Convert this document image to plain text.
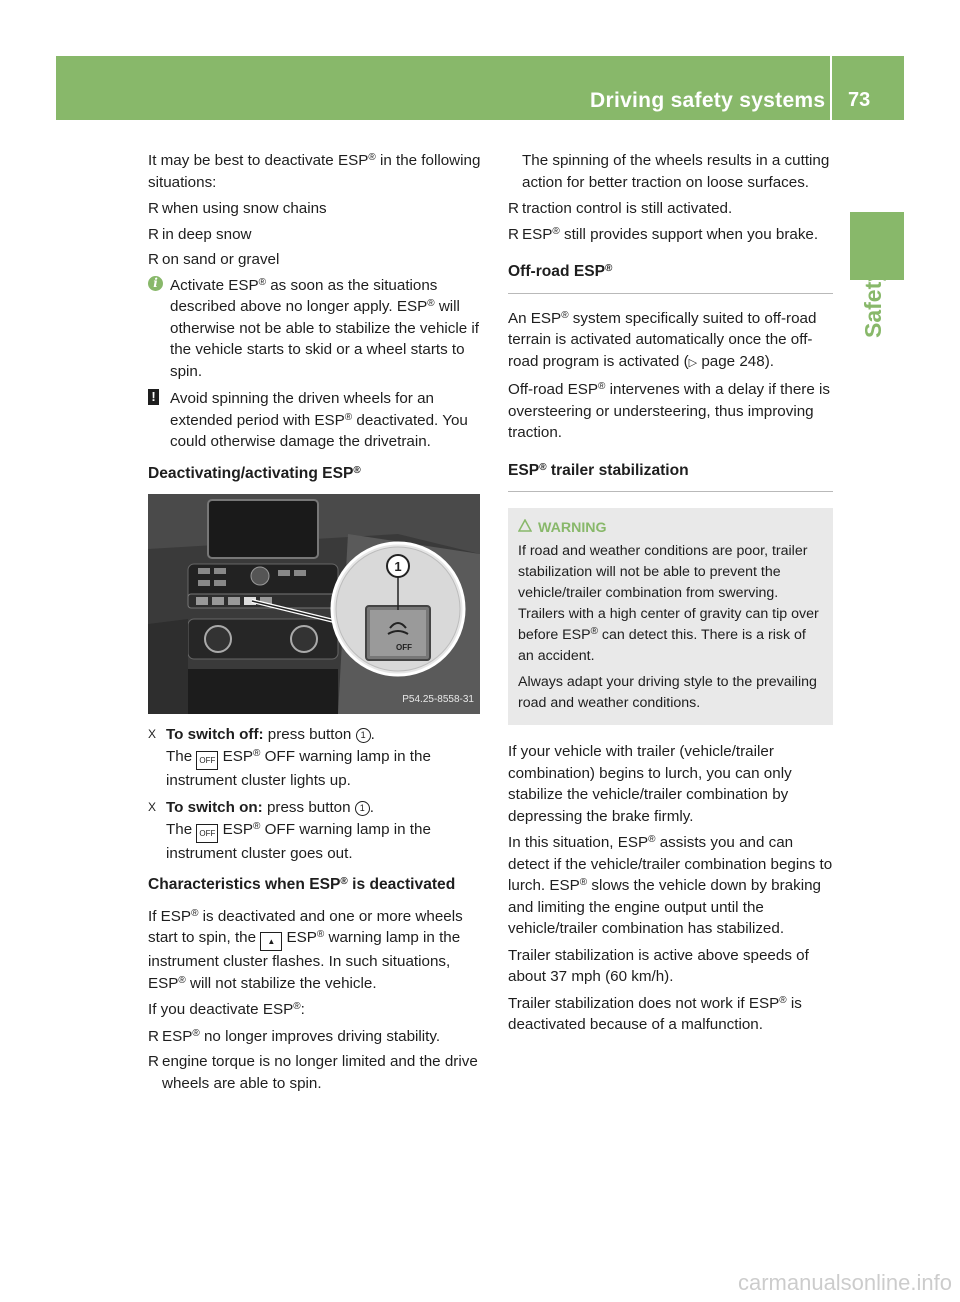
Driving safety systems 73
Safety

It may be best to deactivate ESP® in the following situations:

R when using snow chains
R in deep snow
R on sand or gravel
i Activate ESP® as soon as the situations described above no longer apply. ESP® will otherwise not be able to stabilize the vehicle if the vehicle starts to skid or a wheel starts to spin.
! Avoid spinning the driven wheels for an extended period with ESP® deactivated. You could otherwise damage the drivetrain.
Deactivating/activating ESP®
1
OFF
P54.25-8558-31
X To switch off: press button 1 .
The OFF ESP® OFF warning lamp in the instrument cluster lights up.
X To switch on: press button 1 .
The OFF ESP® OFF warning lamp in the instrument cluster goes out.
Characteristics when ESP® is deactivated

If ESP® is deactivated and one or more wheels start to spin, the ▲ ESP® warning lamp in the instrument cluster flashes. In such situations, ESP® will not stabilize the vehicle.

If you deactivate ESP®:

R ESP® no longer improves driving stability.
R engine torque is no longer limited and the drive wheels are able to spin.

The spinning of the wheels results in a cutting action for better traction on loose surfaces.

R traction control is still activated.
R ESP® still provides support when you brake.
Off-road ESP®

An ESP® system specifically suited to off-road terrain is activated automatically once the off-road program is activated (▷ page 248).

Off-road ESP® intervenes with a delay if there is oversteering or understeering, thus improving traction.

ESP® trailer stabilization
WARNING

If road and weather conditions are poor, trailer stabilization will not be able to prevent the vehicle/trailer combination from swerving. Trailers with a high center of gravity can tip over before ESP® can detect this. There is a risk of an accident.

Always adapt your driving style to the prevailing road and weather conditions.

If your vehicle with trailer (vehicle/trailer combination) begins to lurch, you can only stabilize the vehicle/trailer combination by depressing the brake firmly.

In this situation, ESP® assists you and can detect if the vehicle/trailer combination begins to lurch. ESP® slows the vehicle down by braking and limiting the engine output until the vehicle/trailer combination has stabilized.

Trailer stabilization is active above speeds of about 37 mph (60 km/h).

Trailer stabilization does not work if ESP® is deactivated because of a malfunction.

carmanualsonline.info
